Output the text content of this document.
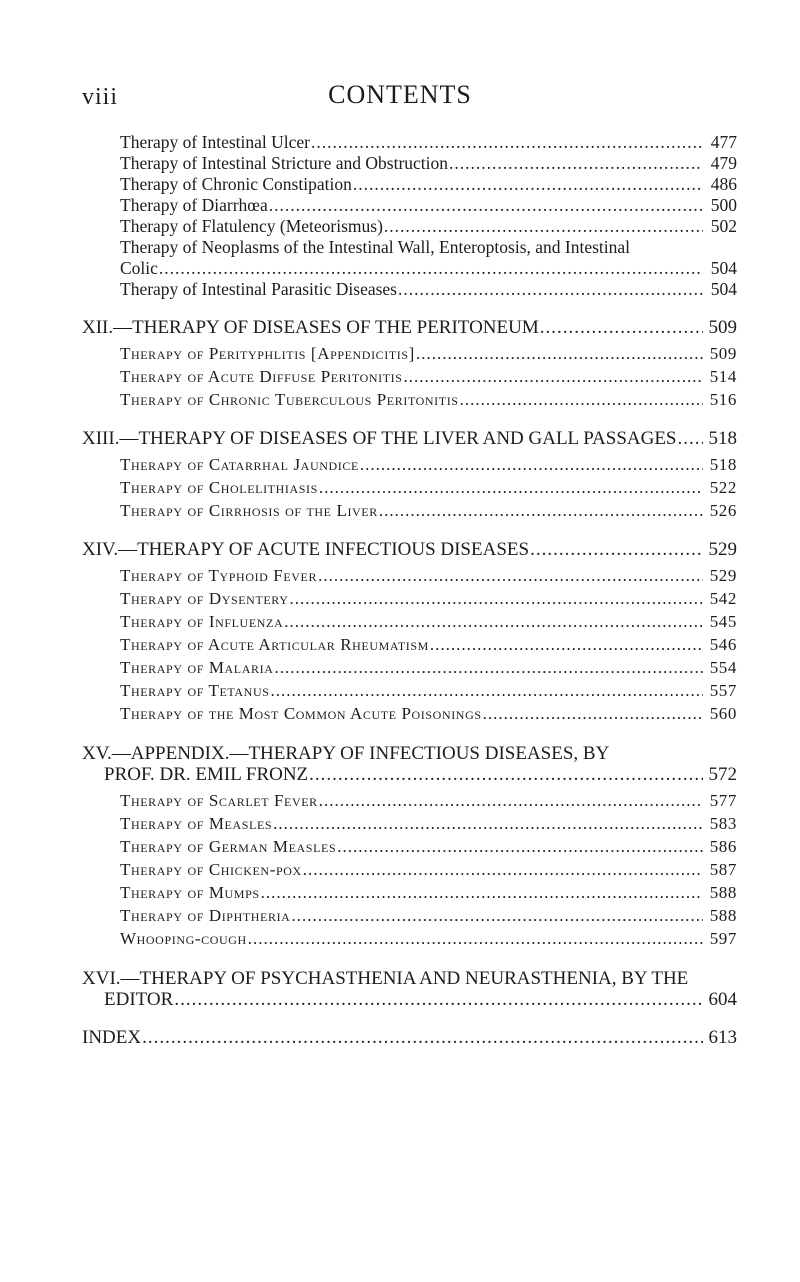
viii	CONTENTS
Therapy of Intestinal Ulcer .....	477
Therapy of Intestinal Stricture and Obstruction .....	479
Therapy of Chronic Constipation .....	486
Therapy of Diarrhœa .....	500
Therapy of Flatulency (Meteorismus) .....	502
Therapy of Neoplasms of the Intestinal Wall, Enteroptosis, and Intestinal
Colic .....	504
Therapy of Intestinal Parasitic Diseases .....	504
XII.—THERAPY OF DISEASES OF THE PERITONEUM .....	509
Therapy of Perityphlitis [Appendicitis] .....	509
Therapy of Acute Diffuse Peritonitis .....	514
Therapy of Chronic Tuberculous Peritonitis .....	516
XIII.—THERAPY OF DISEASES OF THE LIVER AND GALL PASSAGES ..... 518
Therapy of Catarrhal Jaundice .....	518
Therapy of Cholelithiasis .....	522
Therapy of Cirrhosis of the Liver .....	526
XIV.—THERAPY OF ACUTE INFECTIOUS DISEASES .....	529
Therapy of Typhoid Fever .....	529
Therapy of Dysentery .....	542
Therapy of Influenza .....	545
Therapy of Acute Articular Rheumatism .....	546
Therapy of Malaria .....	554
Therapy of Tetanus .....	557
Therapy of the Most Common Acute Poisonings .....	560
XV.—APPENDIX.—THERAPY OF INFECTIOUS DISEASES, BY
PROF. DR. EMIL FRONZ .....	572
Therapy of Scarlet Fever .....	577
Therapy of Measles .....	583
Therapy of German Measles .....	586
Therapy of Chicken-pox .....	587
Therapy of Mumps .....	588
Therapy of Diphtheria .....	588
Whooping-cough .....	597
XVI.—THERAPY OF PSYCHASTHENIA AND NEURASTHENIA, BY THE
EDITOR .....	604
INDEX .....	613
